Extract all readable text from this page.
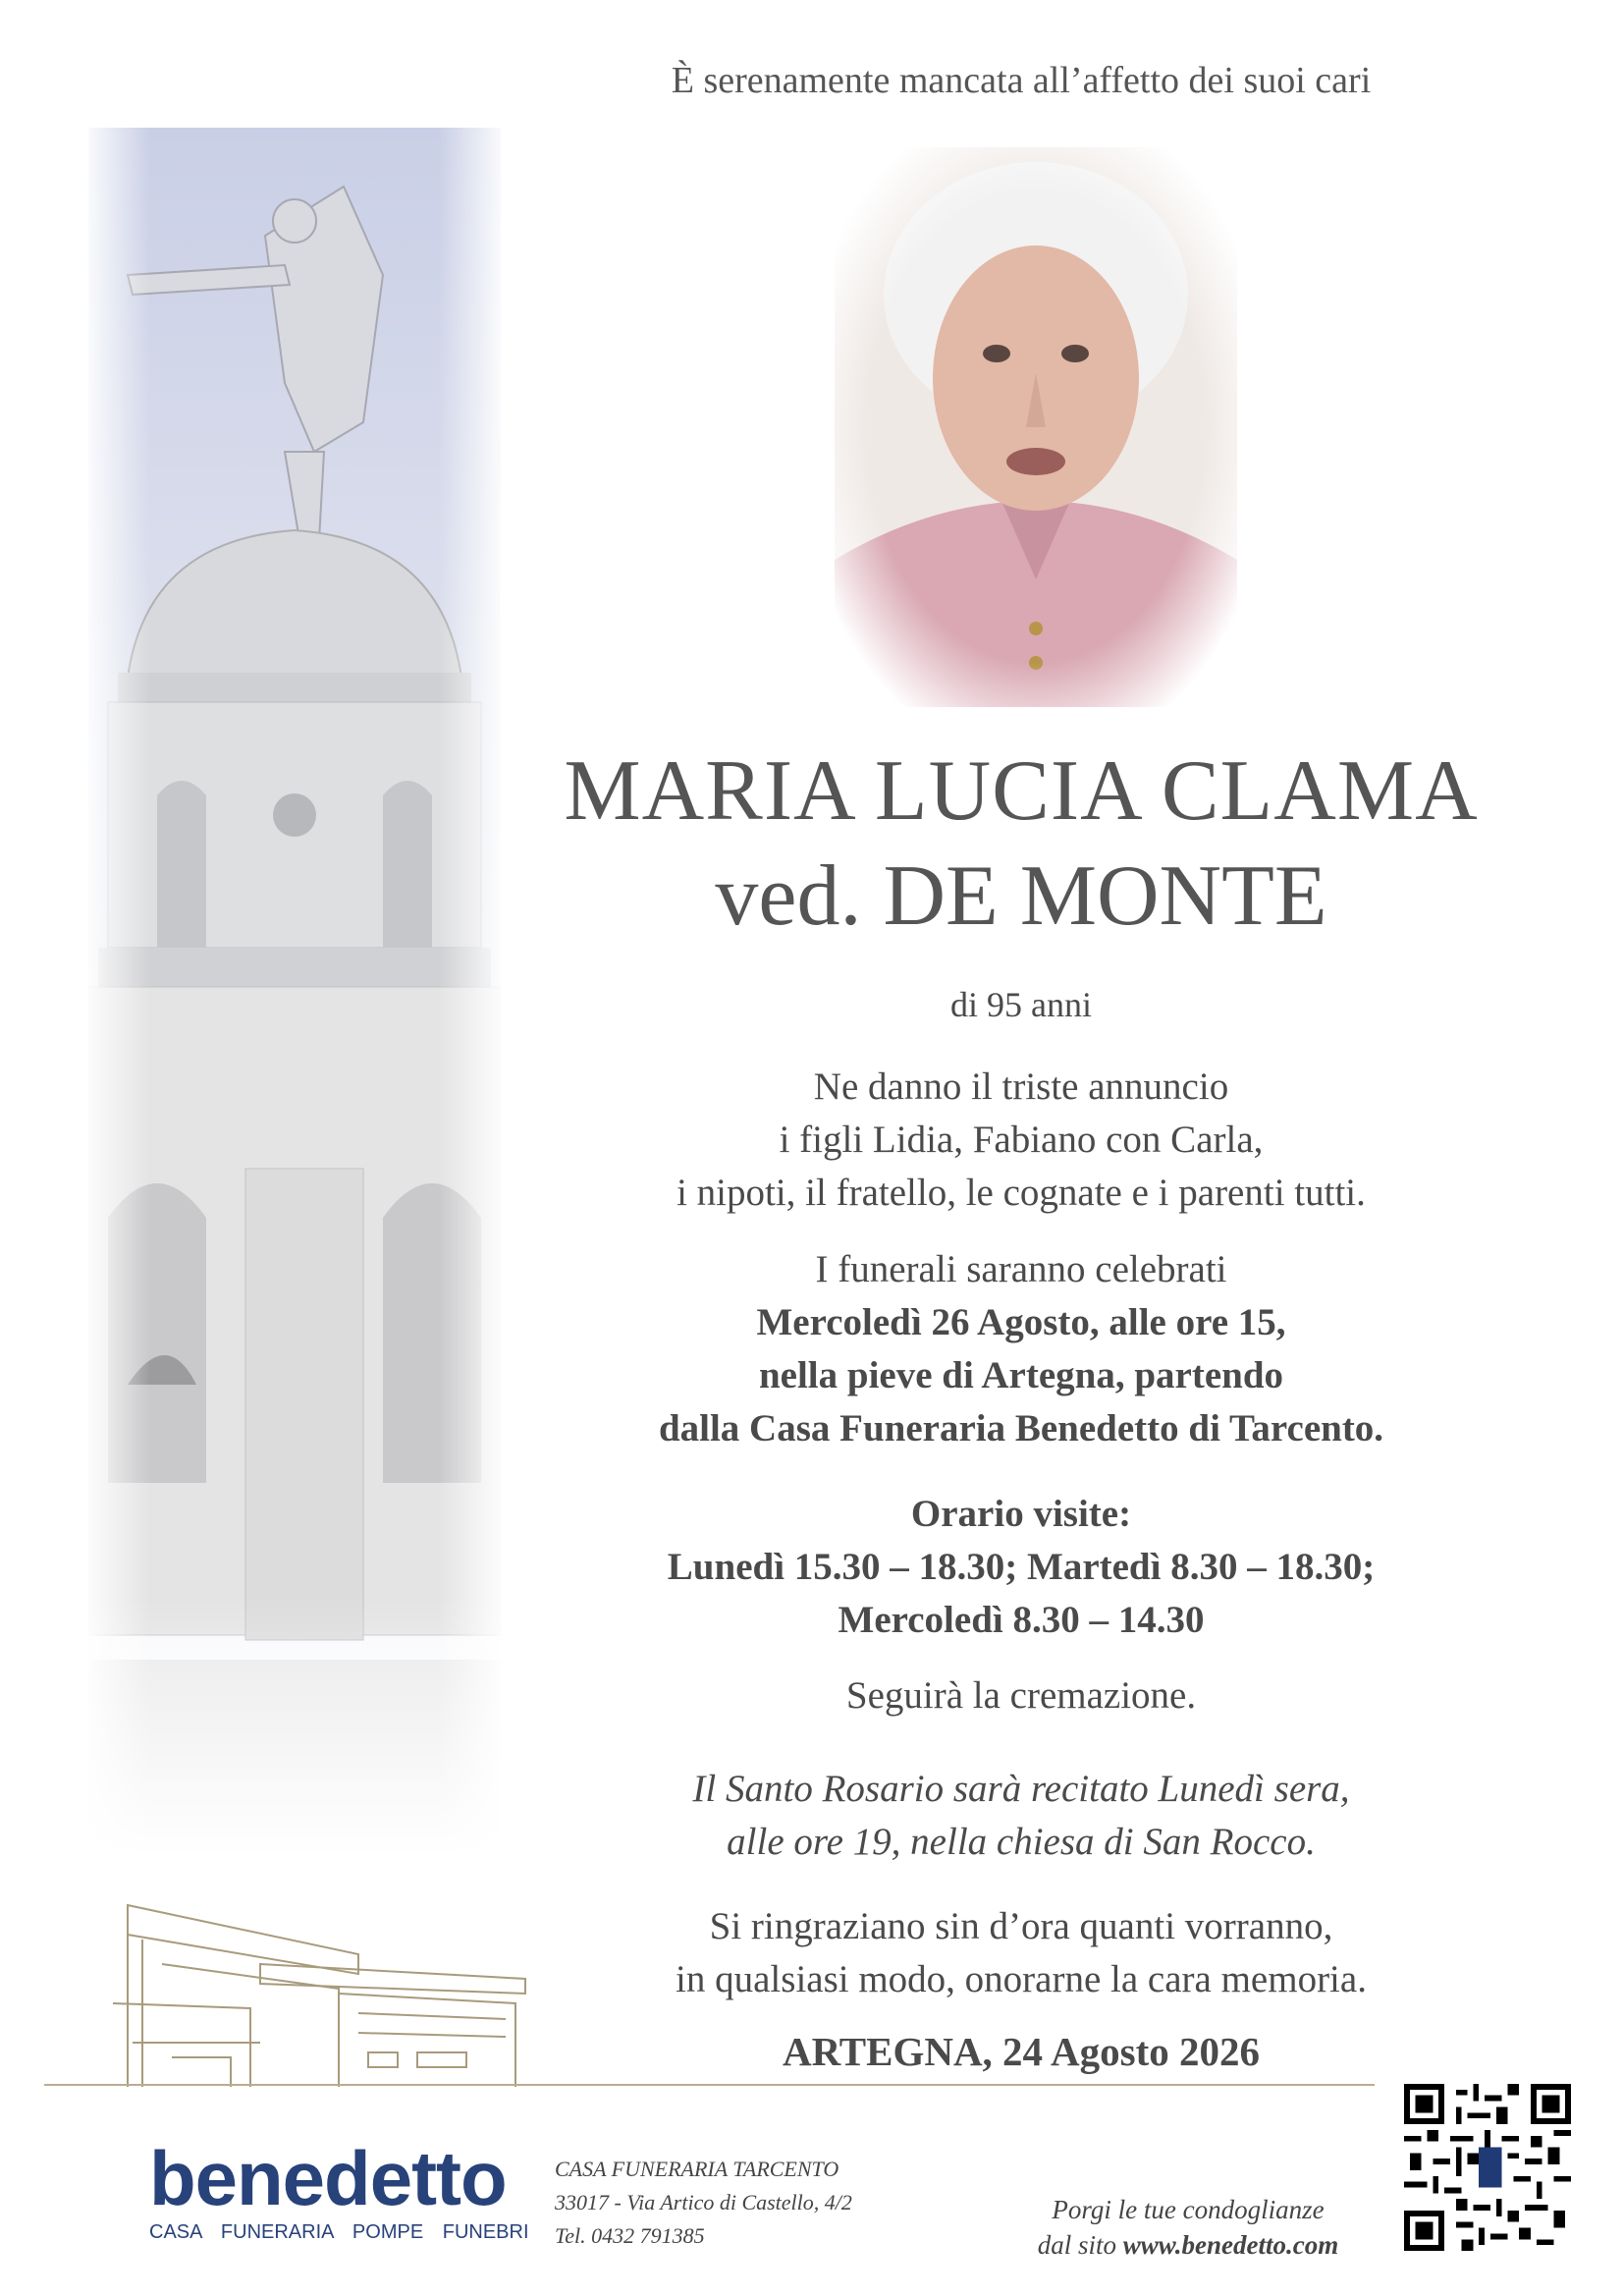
È serenamente mancata all’affetto dei suoi cari
MARIA LUCIA CLAMA
ved. DE MONTE
di 95 anni
Ne danno il triste annuncio
i figli Lidia, Fabiano con Carla,
i nipoti, il fratello, le cognate e i parenti tutti.
I funerali saranno celebrati
Mercoledì 26 Agosto, alle ore 15,
nella pieve di Artegna, partendo
dalla Casa Funeraria Benedetto di Tarcento.
Orario visite:
Lunedì 15.30 – 18.30; Martedì 8.30 – 18.30;
Mercoledì 8.30 – 14.30
Seguirà la cremazione.
Il Santo Rosario sarà recitato Lunedì sera,
alle ore 19, nella chiesa di San Rocco.
Si ringraziano sin d’ora quanti vorranno,
in qualsiasi modo, onorarne la cara memoria.
ARTEGNA, 24 Agosto 2026
benedetto
CASA FUNERARIA POMPE FUNEBRI
CASA FUNERARIA TARCENTO
33017 - Via Artico di Castello, 4/2
Tel. 0432 791385
Porgi le tue condoglianze
dal sito www.benedetto.com
